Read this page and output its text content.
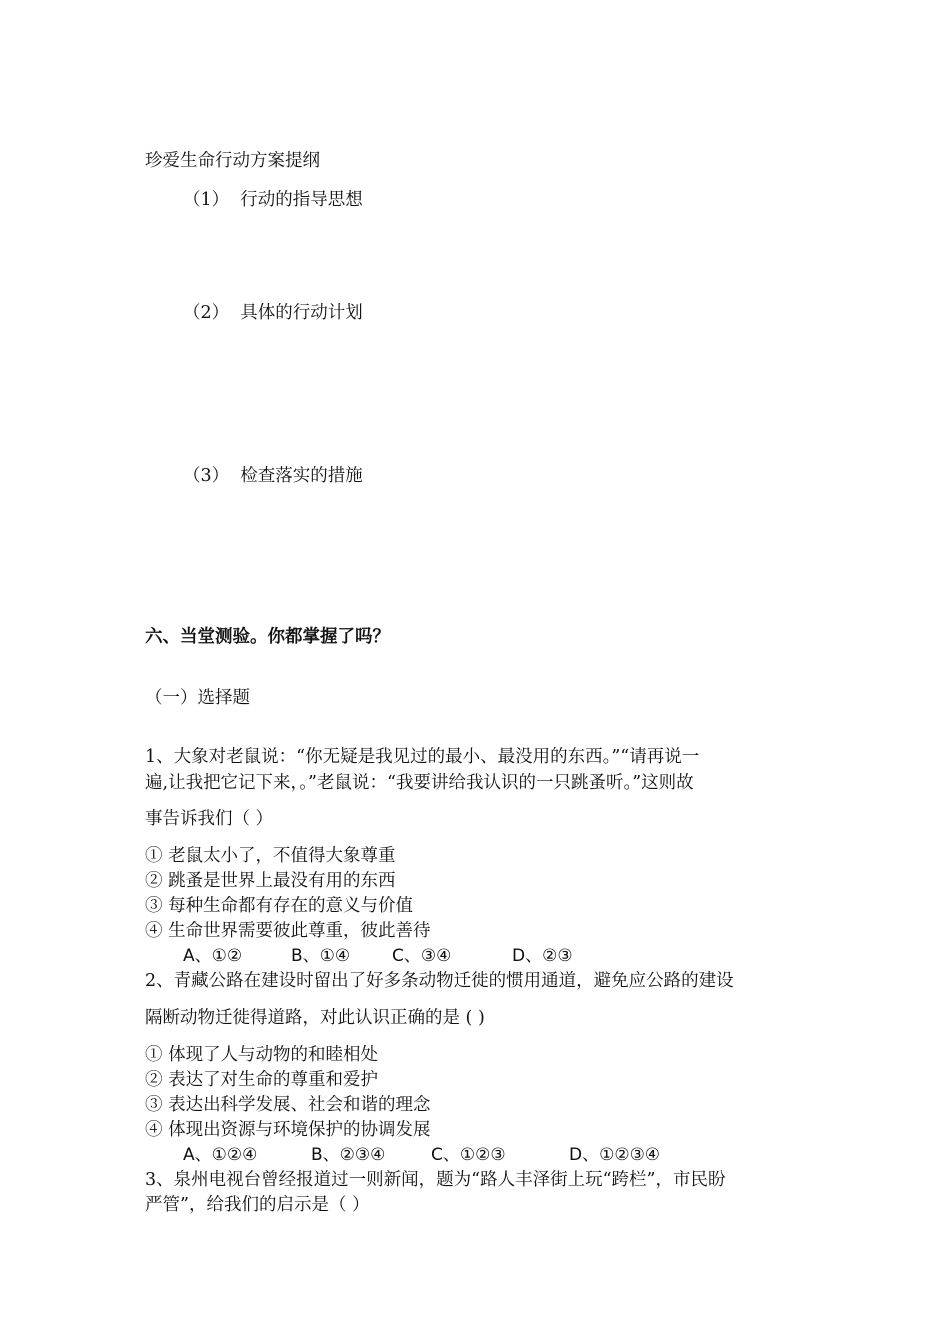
珍爱生命行动方案提纲
（1） 行动的指导思想
（2） 具体的行动计划
（3） 检查落实的措施
六、当堂测验。你都掌握了吗？
（一）选择题
1、大象对老鼠说：“你无疑是我见过的最小、最没用的东西。”“请再说一
遍,让我把它记下来，。”老鼠说：“我要讲给我认识的一只跳蚤听。”这则故
事告诉我们（ ）
① 老鼠太小了，不值得大象尊重
② 跳蚤是世界上最没有用的东西
③ 每种生命都有存在的意义与价值
④ 生命世界需要彼此尊重，彼此善待
A、①②	B、①④ C、③④	D、②③
2、青藏公路在建设时留出了好多条动物迁徙的惯用通道，避免应公路的建设
隔断动物迁徙得道路，对此认识正确的是 ( )
① 体现了人与动物的和睦相处
② 表达了对生命的尊重和爱护
③ 表达出科学发展、社会和谐的理念
④ 体现出资源与环境保护的协调发展
A、①②④	B、②③④	C、①②③	D、①②③④
3、泉州电视台曾经报道过一则新闻，题为“路人丰泽街上玩“跨栏”，市民盼
严管”，给我们的启示是（ ）
